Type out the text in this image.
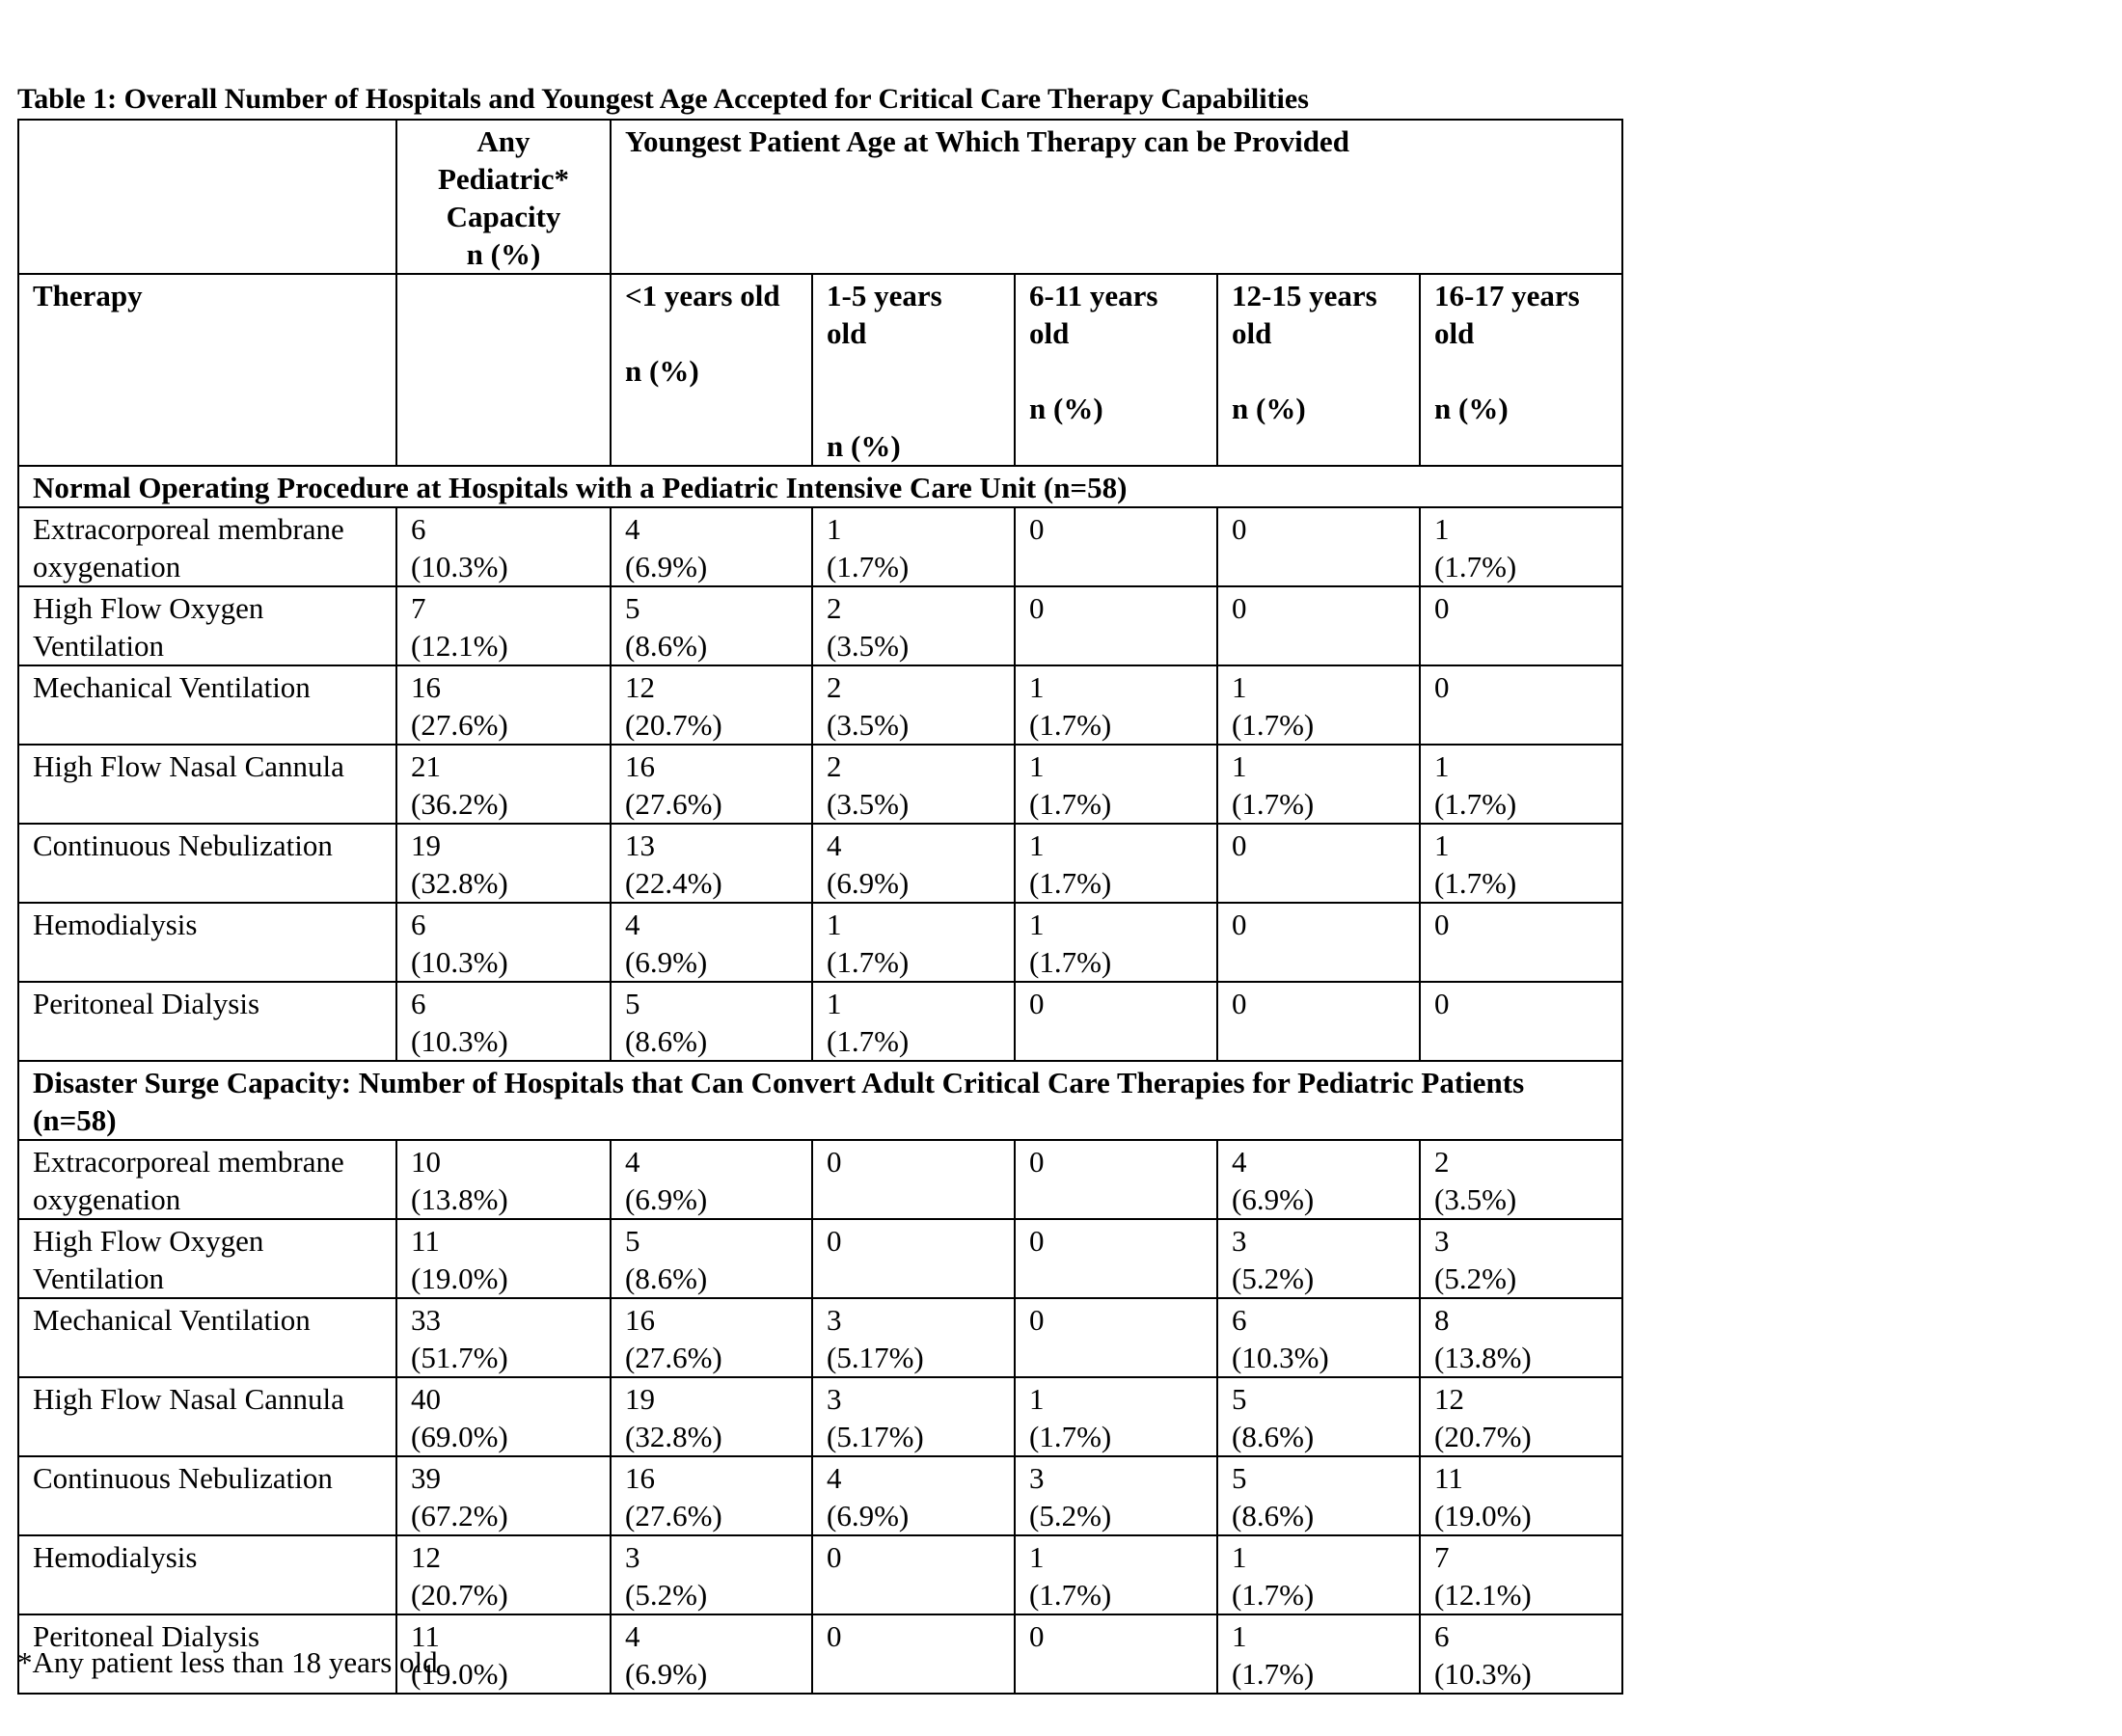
Table 1: Overall Number of Hospitals and Youngest Age Accepted for Critical Care Therapy Capabilities

	Any
Pediatric*
Capacity
n (%)	Youngest Patient Age at Which Therapy can be Provided				
Therapy		<1 years old
n (%)	1-5 years
old
n (%)	6-11 years
old
n (%)	12-15 years
old
n (%)	16-17 years
old
n (%)

Normal Operating Procedure at Hospitals with a Pediatric Intensive Care Unit (n=58)						

Extracorporeal membrane
oxygenation	6
(10.3%)	4
(6.9%)	1
(1.7%)	0	0	1
(1.7%)

High Flow Oxygen
Ventilation	7
(12.1%)	5
(8.6%)	2
(3.5%)	0	0	0

Mechanical Ventilation	16
(27.6%)	12
(20.7%)	2
(3.5%)	1
(1.7%)	1
(1.7%)	0

High Flow Nasal Cannula	21
(36.2%)	16
(27.6%)	2
(3.5%)	1
(1.7%)	1
(1.7%)	1
(1.7%)

Continuous Nebulization	19
(32.8%)	13
(22.4%)	4
(6.9%)	1
(1.7%)	0	1
(1.7%)

Hemodialysis	6
(10.3%)	4
(6.9%)	1
(1.7%)	1
(1.7%)	0	0

Peritoneal Dialysis	6
(10.3%)	5
(8.6%)	1
(1.7%)	0	0	0

Disaster Surge Capacity: Number of Hospitals that Can Convert Adult Critical Care Therapies for Pediatric Patients (n=58)						

Extracorporeal membrane
oxygenation	10
(13.8%)	4
(6.9%)	0	0	4
(6.9%)	2
(3.5%)

High Flow Oxygen
Ventilation	11
(19.0%)	5
(8.6%)	0	0	3
(5.2%)	3
(5.2%)

Mechanical Ventilation	33
(51.7%)	16
(27.6%)	3
(5.17%)	0	6
(10.3%)	8
(13.8%)

High Flow Nasal Cannula	40
(69.0%)	19
(32.8%)	3
(5.17%)	1
(1.7%)	5
(8.6%)	12
(20.7%)

Continuous Nebulization	39
(67.2%)	16
(27.6%)	4
(6.9%)	3
(5.2%)	5
(8.6%)	11
(19.0%)

Hemodialysis	12
(20.7%)	3
(5.2%)	0	1
(1.7%)	1
(1.7%)	7
(12.1%)

Peritoneal Dialysis	11
(19.0%)	4
(6.9%)	0	0	1
(1.7%)	6
(10.3%)
*Any patient less than 18 years old
